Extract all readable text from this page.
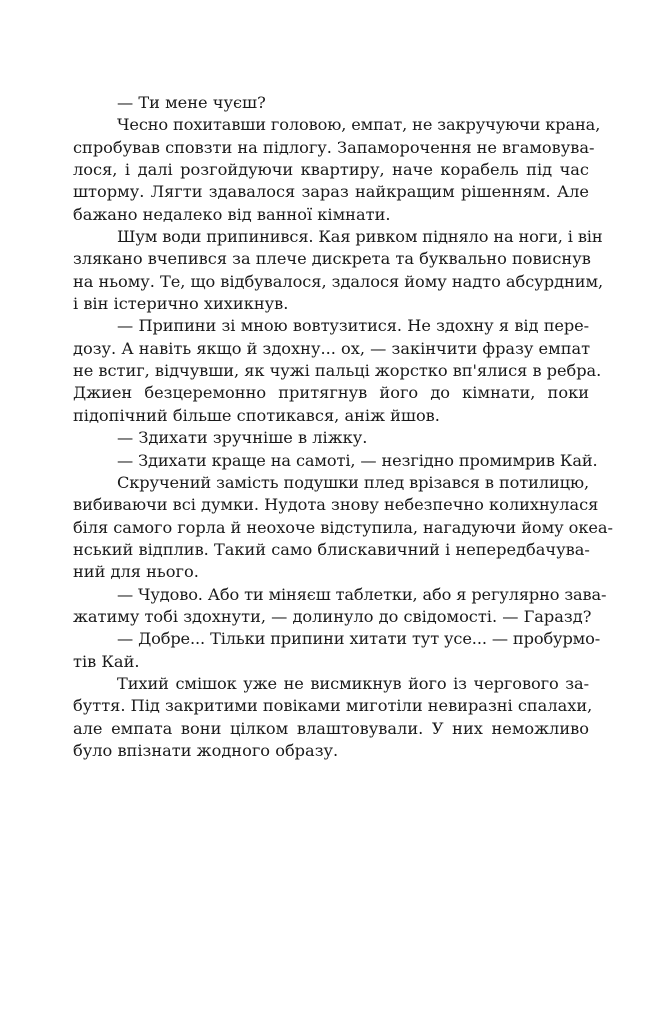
— Ти мене чуєш?
Чесно похитавши головою, емпат, не закручуючи крана,
спробував сповзти на підлогу. Запаморочення не вгамовува-
лося, і далі розгойдуючи квартиру, наче корабель під час
шторму. Лягти здавалося зараз найкращим рішенням. Але
бажано недалеко від ванної кімнати.
Шум води припинився. Кая ривком підняло на ноги, і він
злякано вчепився за плече дискрета та буквально повиснув
на ньому. Те, що відбувалося, здалося йому надто абсурдним,
і він істерично хихикнув.
— Припини зі мною вовтузитися. Не здохну я від пере-
дозу. А навіть якщо й здохну... ох, — закінчити фразу емпат
не встиг, відчувши, як чужі пальці жорстко вп'ялися в ребра.
Джиен безцеремонно притягнув його до кімнати, поки
підопічний більше спотикався, аніж йшов.
— Здихати зручніше в ліжку.
— Здихати краще на самоті, — незгідно промимрив Кай.
Скручений замість подушки плед врізався в потилицю,
вибиваючи всі думки. Нудота знову небезпечно колихнулася
біля самого горла й неохоче відступила, нагадуючи йому океа-
нський відплив. Такий само блискавичний і непередбачува-
ний для нього.
— Чудово. Або ти міняєш таблетки, або я регулярно зава-
жатиму тобі здохнути, — долинуло до свідомості. — Гаразд?
— Добре... Тільки припини хитати тут усе... — пробурмо-
тів Кай.
Тихий смішок уже не висмикнув його із чергового за-
буття. Під закритими повіками миготіли невиразні спалахи,
але емпата вони цілком влаштовували. У них неможливо
було впізнати жодного образу.
